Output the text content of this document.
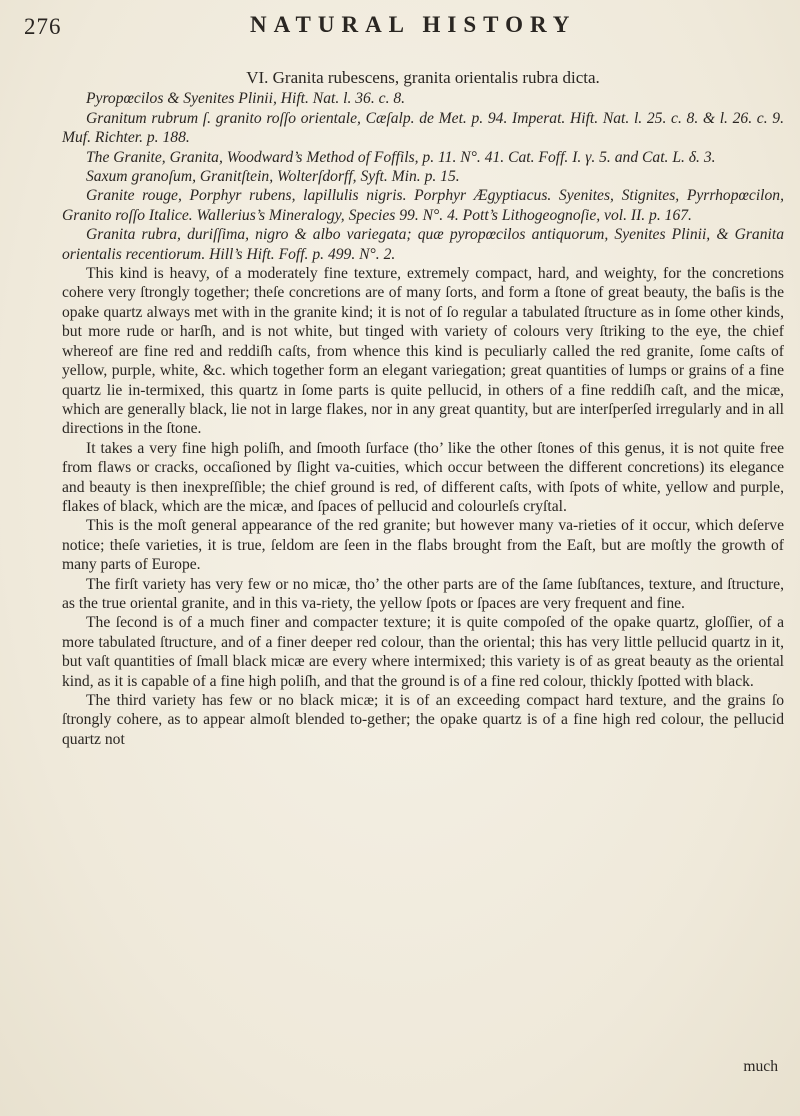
276	NATURAL HISTORY

VI. Granita rubescens, granita orientalis rubra dicta.

Pyropœcilos & Syenites Plinii, Hift. Nat. l. 36. c. 8.

Granitum rubrum ſ. granito roſſo orientale, Cæſalp. de Met. p. 94. Imperat. Hift. Nat. l. 25. c. 8. & l. 26. c. 9. Muf. Richter. p. 188.

The Granite, Granita, Woodward’s Method of Foffils, p. 11. N°. 41. Cat. Foff. I. γ. 5. and Cat. L. δ. 3.

Saxum granoſum, Granitſtein, Wolterſdorff, Syft. Min. p. 15.

Granite rouge, Porphyr rubens, lapillulis nigris. Porphyr Ægyptiacus. Syenites, Stignites, Pyrrhopœcilon, Granito roſſo Italice. Wallerius’s Mineralogy, Species 99. N°. 4. Pott’s Lithogeognoſie, vol. II. p. 167.

Granita rubra, duriſſima, nigro & albo variegata; quæ pyropœcilos antiquorum, Syenites Plinii, & Granita orientalis recentiorum. Hill’s Hift. Foff. p. 499. N°. 2.

This kind is heavy, of a moderately fine texture, extremely compact, hard, and weighty, for the concretions cohere very ſtrongly together; theſe concretions are of many ſorts, and form a ſtone of great beauty, the baſis is the opake quartz always met with in the granite kind; it is not of ſo regular a tabulated ſtructure as in ſome other kinds, but more rude or harſh, and is not white, but tinged with variety of colours very ſtriking to the eye, the chief whereof are fine red and reddiſh caſts, from whence this kind is peculiarly called the red granite, ſome caſts of yellow, purple, white, &c. which together form an elegant variegation; great quantities of lumps or grains of a fine quartz lie in-termixed, this quartz in ſome parts is quite pellucid, in others of a fine reddiſh caſt, and the micæ, which are generally black, lie not in large flakes, nor in any great quantity, but are interſperſed irregularly and in all directions in the ſtone.

It takes a very fine high poliſh, and ſmooth ſurface (tho’ like the other ſtones of this genus, it is not quite free from flaws or cracks, occaſioned by ſlight va-cuities, which occur between the different concretions) its elegance and beauty is then inexpreſſible; the chief ground is red, of different caſts, with ſpots of white, yellow and purple, flakes of black, which are the micæ, and ſpaces of pellucid and colourleſs cryſtal.

This is the moſt general appearance of the red granite; but however many va-rieties of it occur, which deſerve notice; theſe varieties, it is true, ſeldom are ſeen in the flabs brought from the Eaſt, but are moſtly the growth of many parts of Europe.

The firſt variety has very few or no micæ, tho’ the other parts are of the ſame ſubſtances, texture, and ſtructure, as the true oriental granite, and in this va-riety, the yellow ſpots or ſpaces are very frequent and fine.

The ſecond is of a much finer and compacter texture; it is quite compoſed of the opake quartz, gloſſier, of a more tabulated ſtructure, and of a finer deeper red colour, than the oriental; this has very little pellucid quartz in it, but vaſt quantities of ſmall black micæ are every where intermixed; this variety is of as great beauty as the oriental kind, as it is capable of a fine high poliſh, and that the ground is of a fine red colour, thickly ſpotted with black.

The third variety has few or no black micæ; it is of an exceeding compact hard texture, and the grains ſo ſtrongly cohere, as to appear almoſt blended to-gether; the opake quartz is of a fine high red colour, the pellucid quartz not

much
